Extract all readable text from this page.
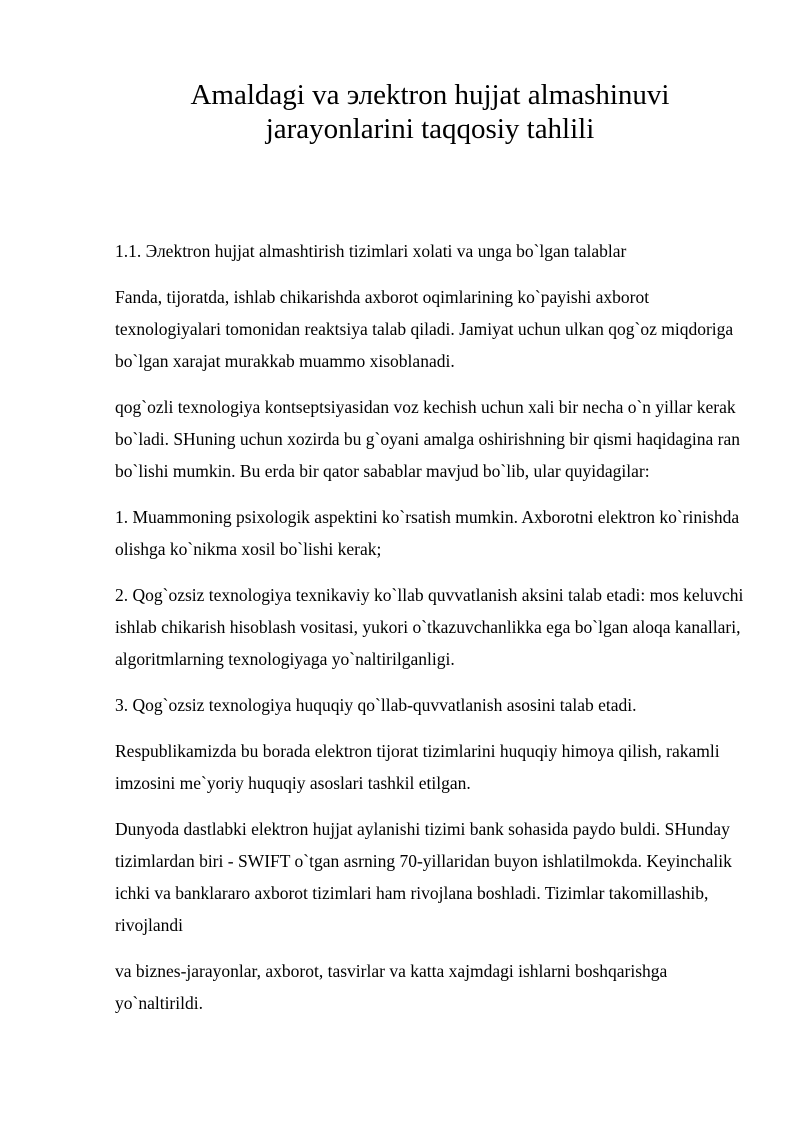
Amaldagi va элektron hujjat almashinuvi
jarayonlarini taqqosiy tahlili

1.1. Элektron hujjat almashtirish tizimlari xolati va unga bo`lgan talablar

Fanda, tijoratda, ishlab chikarishda axborot oqimlarining ko`payishi axborot texnologiyalari tomonidan reaktsiya talab qiladi. Jamiyat uchun ulkan qog`oz miqdoriga bo`lgan xarajat murakkab muammo xisoblanadi.

qog`ozli texnologiya kontseptsiyasidan voz kechish uchun xali bir necha o`n yillar kerak bo`ladi. SHuning uchun xozirda bu g`oyani amalga oshirishning bir qismi haqidagina ran bo`lishi mumkin. Bu erda bir qator sabablar mavjud bo`lib, ular quyidagilar:

1. Muammoning psixologik aspektini ko`rsatish mumkin. Axborotni elektron ko`rinishda olishga ko`nikma xosil bo`lishi kerak;

2. Qog`ozsiz texnologiya texnikaviy ko`llab quvvatlanish aksini talab etadi: mos keluvchi ishlab chikarish hisoblash vositasi, yukori o`tkazuvchanlikka ega bo`lgan aloqa kanallari, algoritmlarning texnologiyaga yo`naltirilganligi.

3. Qog`ozsiz texnologiya huquqiy qo`llab-quvvatlanish asosini talab etadi.

Respublikamizda bu borada elektron tijorat tizimlarini huquqiy himoya qilish, rakamli imzosini me`yoriy huquqiy asoslari tashkil etilgan.

Dunyoda dastlabki elektron hujjat aylanishi tizimi bank sohasida paydo buldi. SHunday tizimlardan biri - SWIFT o`tgan asrning 70-yillaridan buyon ishlatilmokda. Keyinchalik ichki va banklararo axborot tizimlari ham rivojlana boshladi. Tizimlar takomillashib, rivojlandi

va biznes-jarayonlar, axborot, tasvirlar va katta xajmdagi ishlarni boshqarishga yo`naltirildi.
